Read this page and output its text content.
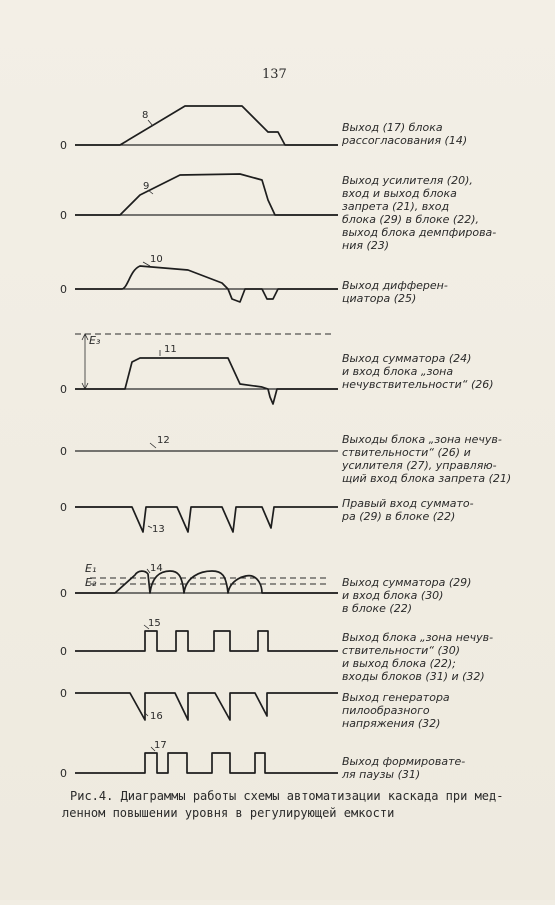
137
0
8
Выход (17) блока
рассогласования (14)
0
9	Выход усилителя (20),
вход и выход блока
запрета (21), вход
блока (29) в блоке (22),
выход блока демпфирова-
ния (23)
0
10
Выход дифферен-
циатора (25)
E₃
0
11
Выход сумматора (24)
и вход блока „зона
нечувствительности“ (26)
0
12	Выходы блока „зона нечув-
ствительности“ (26) и
усилителя (27), управляю-
щий вход блока запрета (21)
0
13
Правый вход суммато-
ра (29) в блоке (22)
E₁
E₂
0
14
Выход сумматора (29)
и вход блока (30)
в блоке (22)
0
15
Выход блока „зона нечув-
ствительности“ (30)
и выход блока (22);
входы блоков (31) и (32)
0
16
Выход генератора
пилообразного
напряжения (32)
0
17
Выход формировате-
ля паузы (31)
Рис.4. Диаграммы работы схемы автоматизации каскада при мед-
ленном повышении уровня в регулирующей емкости
